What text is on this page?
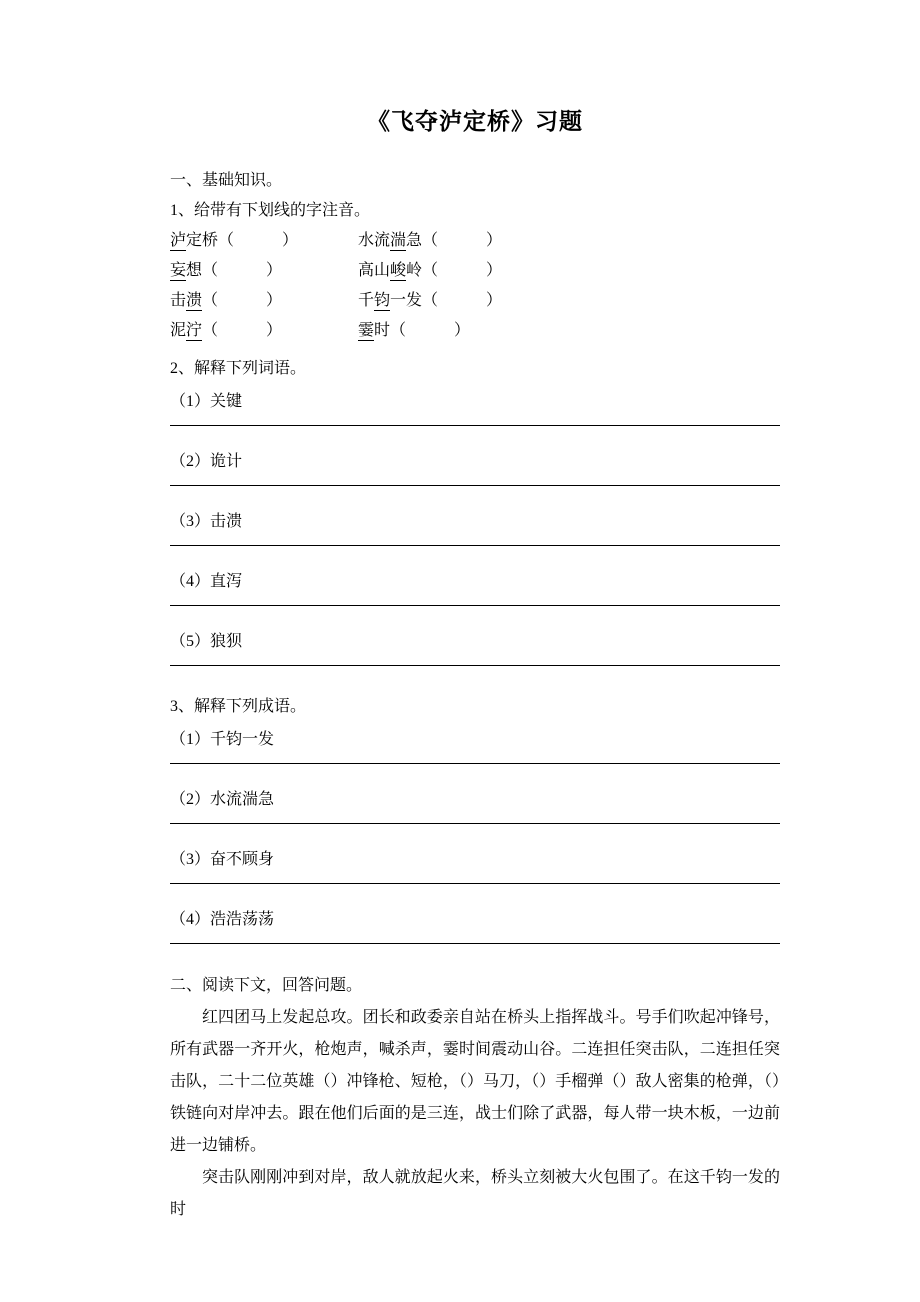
《飞夺泸定桥》习题
一、基础知识。
1、给带有下划线的字注音。
泸定桥（　　　）	水流湍急（　　　）
妄想（　　　）	高山峻岭（　　　）
击溃（　　　）	千钧一发（　　　）
泥泞（　　　）	霎时（　　　）
2、解释下列词语。
（1）关键
（2）诡计
（3）击溃
（4）直泻
（5）狼狈
3、解释下列成语。
（1）千钧一发
（2）水流湍急
（3）奋不顾身
（4）浩浩荡荡
二、阅读下文，回答问题。

红四团马上发起总攻。团长和政委亲自站在桥头上指挥战斗。号手们吹起冲锋号，所有武器一齐开火，枪炮声，喊杀声，霎时间震动山谷。二连担任突击队，二连担任突击队，二十二位英雄（）冲锋枪、短枪，（）马刀，（）手榴弹（）敌人密集的枪弹，（）铁链向对岸冲去。跟在他们后面的是三连，战士们除了武器，每人带一块木板，一边前进一边铺桥。

突击队刚刚冲到对岸，敌人就放起火来，桥头立刻被大火包围了。在这千钧一发的时
